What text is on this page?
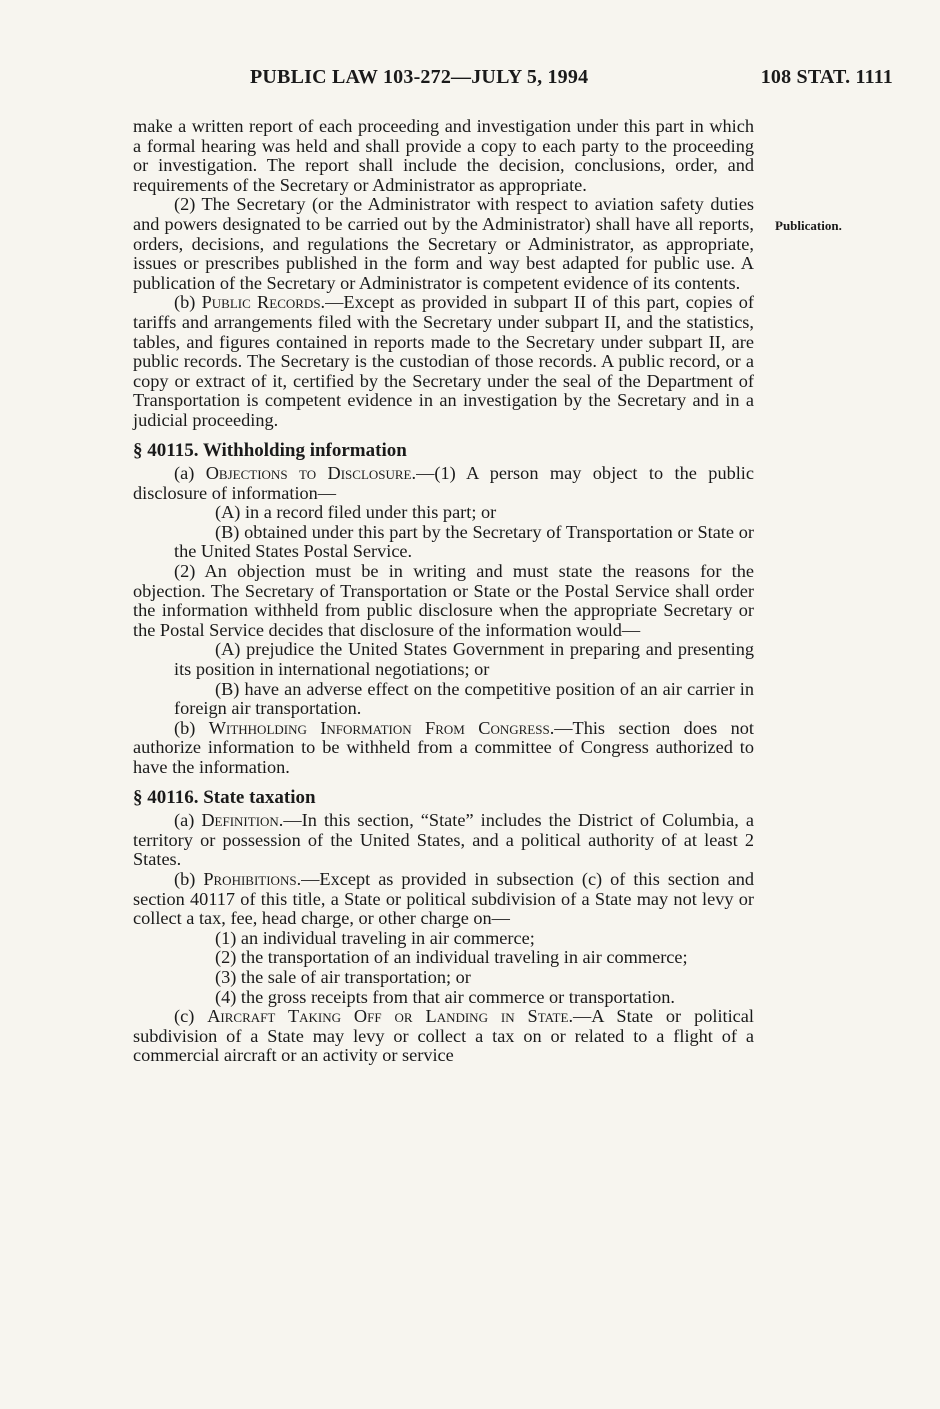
PUBLIC LAW 103-272—JULY 5, 1994	108 STAT. 1111
Publication.

make a written report of each proceeding and investigation under this part in which a formal hearing was held and shall provide a copy to each party to the proceeding or investigation. The report shall include the decision, conclusions, order, and requirements of the Secretary or Administrator as appropriate.

(2) The Secretary (or the Administrator with respect to aviation safety duties and powers designated to be carried out by the Administrator) shall have all reports, orders, decisions, and regulations the Secretary or Administrator, as appropriate, issues or prescribes published in the form and way best adapted for public use. A publication of the Secretary or Administrator is competent evidence of its contents.

(b) Public Records.—Except as provided in subpart II of this part, copies of tariffs and arrangements filed with the Secretary under subpart II, and the statistics, tables, and figures contained in reports made to the Secretary under subpart II, are public records. The Secretary is the custodian of those records. A public record, or a copy or extract of it, certified by the Secretary under the seal of the Department of Transportation is competent evidence in an investigation by the Secretary and in a judicial proceeding.

§ 40115. Withholding information

(a) Objections to Disclosure.—(1) A person may object to the public disclosure of information—

(A) in a record filed under this part; or

(B) obtained under this part by the Secretary of Transportation or State or the United States Postal Service.

(2) An objection must be in writing and must state the reasons for the objection. The Secretary of Transportation or State or the Postal Service shall order the information withheld from public disclosure when the appropriate Secretary or the Postal Service decides that disclosure of the information would—

(A) prejudice the United States Government in preparing and presenting its position in international negotiations; or

(B) have an adverse effect on the competitive position of an air carrier in foreign air transportation.

(b) Withholding Information From Congress.—This section does not authorize information to be withheld from a committee of Congress authorized to have the information.

§ 40116. State taxation

(a) Definition.—In this section, “State” includes the District of Columbia, a territory or possession of the United States, and a political authority of at least 2 States.

(b) Prohibitions.—Except as provided in subsection (c) of this section and section 40117 of this title, a State or political subdivision of a State may not levy or collect a tax, fee, head charge, or other charge on—

(1) an individual traveling in air commerce;

(2) the transportation of an individual traveling in air commerce;

(3) the sale of air transportation; or

(4) the gross receipts from that air commerce or transportation.

(c) Aircraft Taking Off or Landing in State.—A State or political subdivision of a State may levy or collect a tax on or related to a flight of a commercial aircraft or an activity or service
